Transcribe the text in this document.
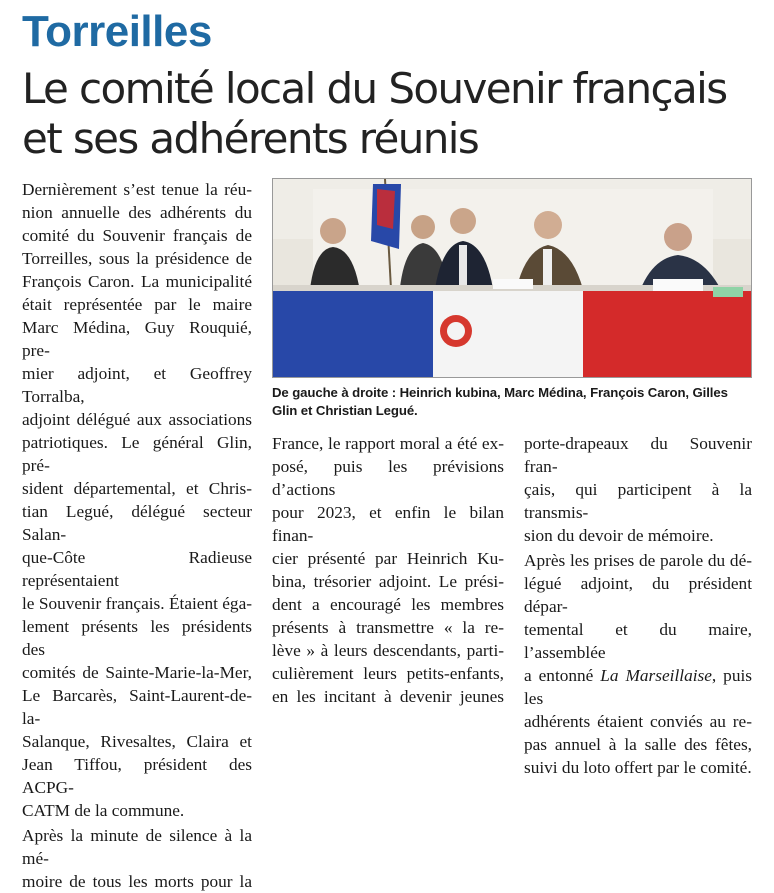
Torreilles
Le comité local du Souvenir français
et ses adhérents réunis

Dernièrement s’est tenue la réu-

nion annuelle des adhérents du

comité du Souvenir français de

Torreilles, sous la présidence de

François Caron. La municipalité

était représentée par le maire

Marc Médina, Guy Rouquié, pre-

mier adjoint, et Geoffrey Torralba,

adjoint délégué aux associations

patriotiques. Le général Glin, pré-

sident départemental, et Chris-

tian Legué, délégué secteur Salan-

que-Côte Radieuse représentaient

le Souvenir français. Étaient éga-

lement présents les présidents des

comités de Sainte-Marie-la-Mer,

Le Barcarès, Saint-Laurent-de-la-

Salanque, Rivesaltes, Claira et

Jean Tiffou, président des ACPG-

CATM de la commune.

Après la minute de silence à la mé-

moire de tous les morts pour la

De gauche à droite : Heinrich kubina, Marc Médina, François Caron, Gilles Glin et Christian Legué.

France, le rapport moral a été ex-

posé, puis les prévisions d’actions

pour 2023, et enfin le bilan finan-

cier présenté par Heinrich Ku-

bina, trésorier adjoint. Le prési-

dent a encouragé les membres

présents à transmettre « la re-

lève » à leurs descendants, parti-

culièrement leurs petits-enfants,

en les incitant à devenir jeunes

porte-drapeaux du Souvenir fran-

çais, qui participent à la transmis-

sion du devoir de mémoire.

Après les prises de parole du dé-

légué adjoint, du président dépar-

temental et du maire, l’assemblée

a entonné La Marseillaise, puis les

adhérents étaient conviés au re-

pas annuel à la salle des fêtes,

suivi du loto offert par le comité.
